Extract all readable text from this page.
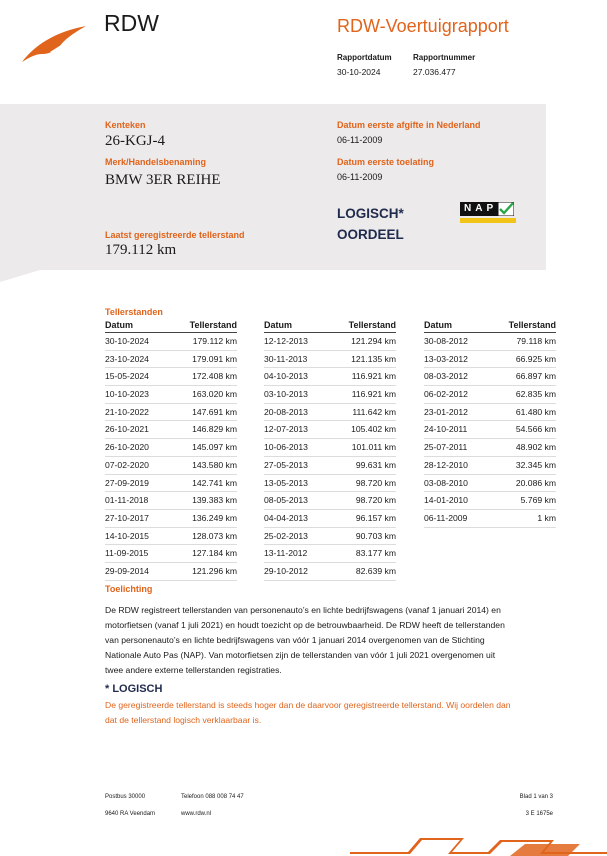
RDW	RDW-Voertuigrapport
Rapportdatum
30-10-2024
Rapportnummer
27.036.477
Kenteken
26-KGJ-4
Merk/Handelsbenaming
BMW 3ER REIHE
Laatst geregistreerde tellerstand
179.112 km
Datum eerste afgifte in Nederland
06-11-2009
Datum eerste toelating
06-11-2009
LOGISCH*
OORDEEL
NAP
Tellerstanden
Datum	Tellerstand
30-10-2024	179.112 km
23-10-2024	179.091 km
15-05-2024	172.408 km
10-10-2023	163.020 km
21-10-2022	147.691 km
26-10-2021	146.829 km
26-10-2020	145.097 km
07-02-2020	143.580 km
27-09-2019	142.741 km
01-11-2018	139.383 km
27-10-2017	136.249 km
14-10-2015	128.073 km
11-09-2015	127.184 km
29-09-2014	121.296 km
Datum	Tellerstand
12-12-2013	121.294 km
30-11-2013	121.135 km
04-10-2013	116.921 km
03-10-2013	116.921 km
20-08-2013	111.642 km
12-07-2013	105.402 km
10-06-2013	101.011 km
27-05-2013	99.631 km
13-05-2013	98.720 km
08-05-2013	98.720 km
04-04-2013	96.157 km
25-02-2013	90.703 km
13-11-2012	83.177 km
29-10-2012	82.639 km
Datum	Tellerstand
30-08-2012	79.118 km
13-03-2012	66.925 km
08-03-2012	66.897 km
06-02-2012	62.835 km
23-01-2012	61.480 km
24-10-2011	54.566 km
25-07-2011	48.902 km
28-12-2010	32.345 km
03-08-2010	20.086 km
14-01-2010	5.769 km
06-11-2009	1 km
Toelichting
De RDW registreert tellerstanden van personenauto’s en lichte bedrijfswagens (vanaf 1 januari 2014) en
motorfietsen (vanaf 1 juli 2021) en houdt toezicht op de betrouwbaarheid. De RDW heeft de tellerstanden
van personenauto’s en lichte bedrijfswagens van vóór 1 januari 2014 overgenomen van de Stichting
Nationale Auto Pas (NAP). Van motorfietsen zijn de tellerstanden van vóór 1 juli 2021 overgenomen uit
twee andere externe tellerstanden registraties.
* LOGISCH
De geregistreerde tellerstand is steeds hoger dan de daarvoor geregistreerde tellerstand. Wij oordelen dan
dat de tellerstand logisch verklaarbaar is.
Postbus 30000	Telefoon 088 008 74 47	Blad 1 van 3
9640 RA Veendam	www.rdw.nl	3 E 1675e
